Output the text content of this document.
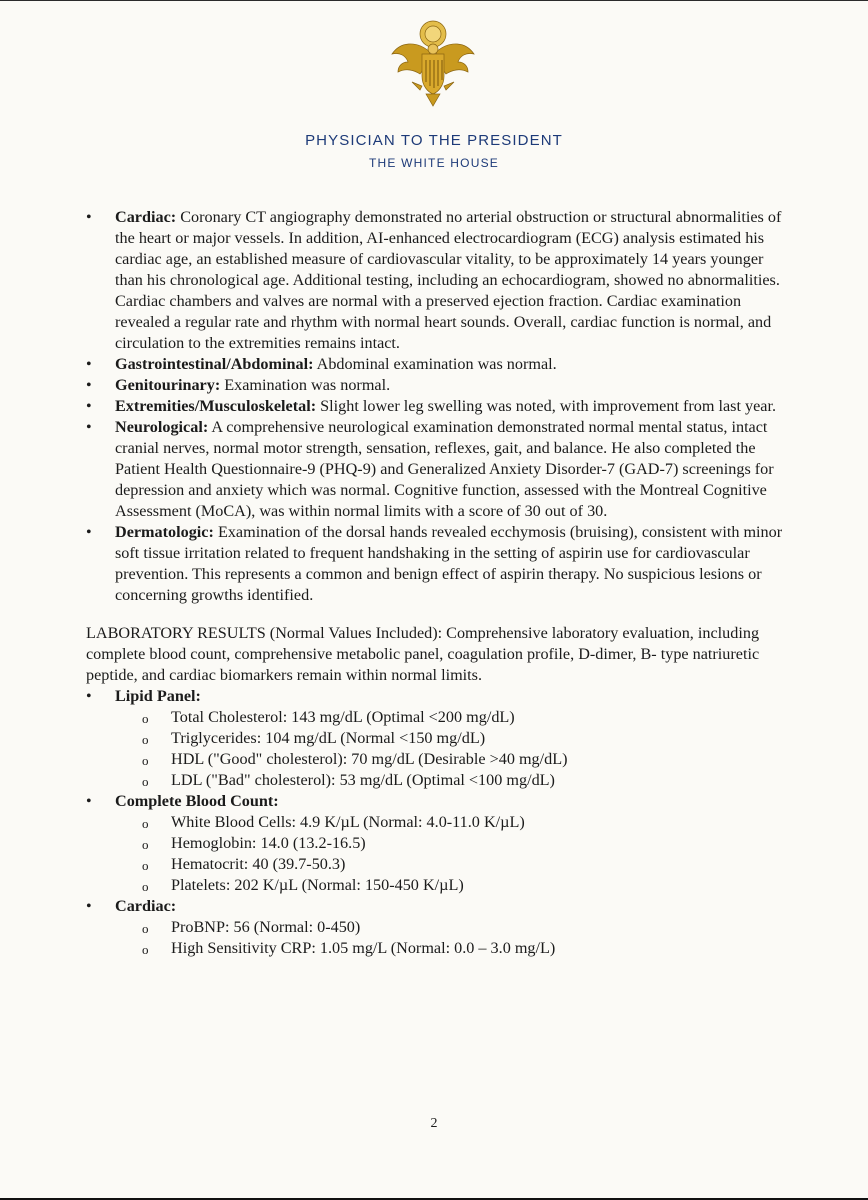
PHYSICIAN TO THE PRESIDENT
THE WHITE HOUSE
• Cardiac: Coronary CT angiography demonstrated no arterial obstruction or structural abnormalities of the heart or major vessels. In addition, AI-enhanced electrocardiogram (ECG) analysis estimated his cardiac age, an established measure of cardiovascular vitality, to be approximately 14 years younger than his chronological age. Additional testing, including an echocardiogram, showed no abnormalities. Cardiac chambers and valves are normal with a preserved ejection fraction. Cardiac examination revealed a regular rate and rhythm with normal heart sounds. Overall, cardiac function is normal, and circulation to the extremities remains intact.
• Gastrointestinal/Abdominal: Abdominal examination was normal.
• Genitourinary: Examination was normal.
• Extremities/Musculoskeletal: Slight lower leg swelling was noted, with improvement from last year.
• Neurological: A comprehensive neurological examination demonstrated normal mental status, intact cranial nerves, normal motor strength, sensation, reflexes, gait, and balance. He also completed the Patient Health Questionnaire-9 (PHQ-9) and Generalized Anxiety Disorder-7 (GAD-7) screenings for depression and anxiety which was normal. Cognitive function, assessed with the Montreal Cognitive Assessment (MoCA), was within normal limits with a score of 30 out of 30.
• Dermatologic: Examination of the dorsal hands revealed ecchymosis (bruising), consistent with minor soft tissue irritation related to frequent handshaking in the setting of aspirin use for cardiovascular prevention. This represents a common and benign effect of aspirin therapy. No suspicious lesions or concerning growths identified.

LABORATORY RESULTS (Normal Values Included): Comprehensive laboratory evaluation, including complete blood count, comprehensive metabolic panel, coagulation profile, D-dimer, B- type natriuretic peptide, and cardiac biomarkers remain within normal limits.

• Lipid Panel:
o Total Cholesterol: 143 mg/dL (Optimal <200 mg/dL)
o Triglycerides: 104 mg/dL (Normal <150 mg/dL)
o HDL ("Good" cholesterol): 70 mg/dL (Desirable >40 mg/dL)
o LDL ("Bad" cholesterol): 53 mg/dL (Optimal <100 mg/dL)
• Complete Blood Count:
o White Blood Cells: 4.9 K/µL (Normal: 4.0-11.0 K/µL)
o Hemoglobin: 14.0 (13.2-16.5)
o Hematocrit: 40 (39.7-50.3)
o Platelets: 202 K/µL (Normal: 150-450 K/µL)
• Cardiac:
o ProBNP: 56 (Normal: 0-450)
o High Sensitivity CRP: 1.05 mg/L (Normal: 0.0 – 3.0 mg/L)
2
